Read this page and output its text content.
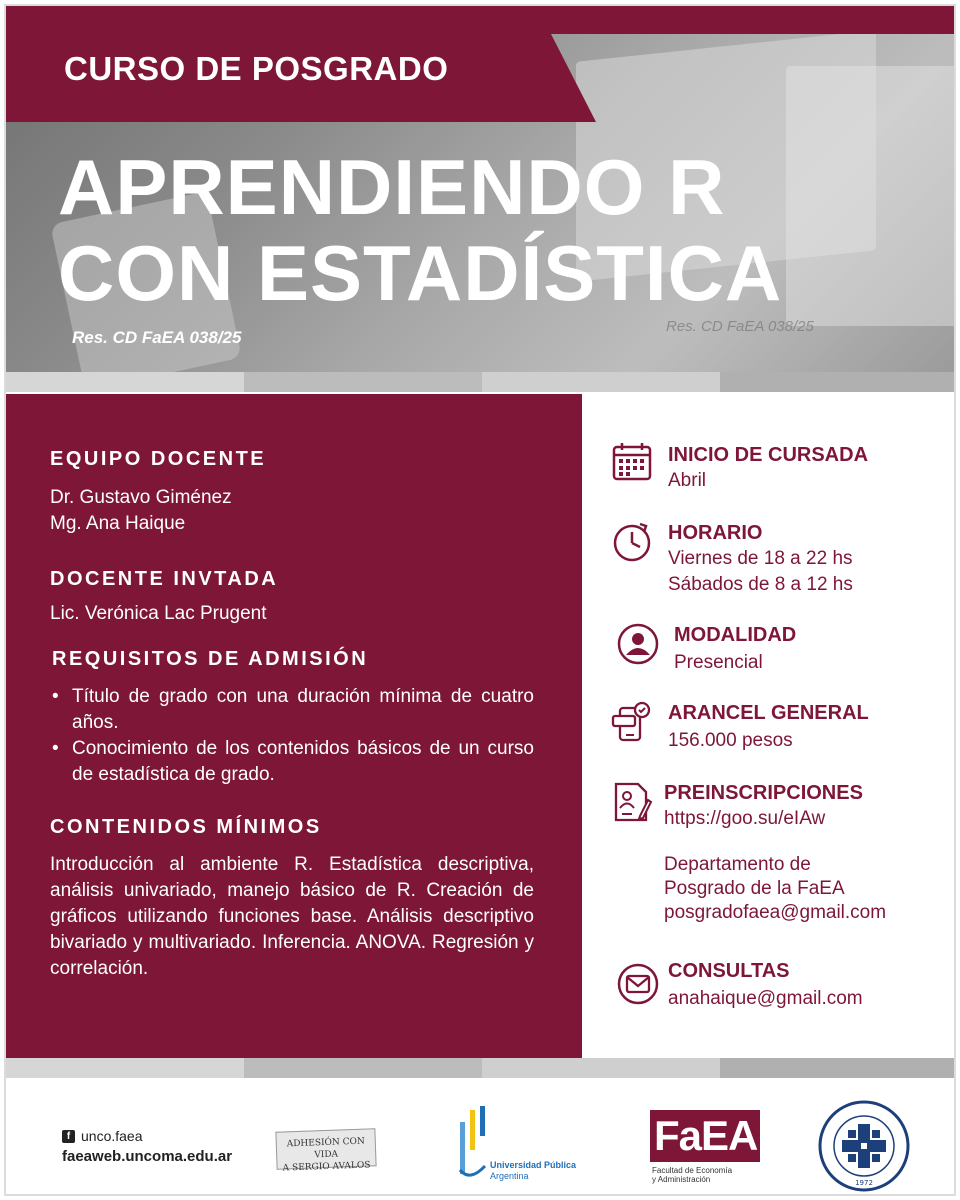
CURSO DE POSGRADO
APRENDIENDO R
CON ESTADÍSTICA
Res. CD FaEA 038/25
Res. CD FaEA 038/25
EQUIPO DOCENTE
Dr. Gustavo Giménez
Mg. Ana Haique
DOCENTE INVTADA
Lic. Verónica Lac Prugent
REQUISITOS DE ADMISIÓN
• Título de grado con una duración mínima de cuatro años.
• Conocimiento de los contenidos básicos de un curso de estadística de grado.
CONTENIDOS MÍNIMOS
Introducción al ambiente R. Estadística descriptiva, análisis univariado, manejo básico de R. Creación de gráficos utilizando funciones base. Análisis descriptivo bivariado y multivariado. Inferencia. ANOVA. Regresión y correlación.
INICIO DE CURSADA
Abril
HORARIO
Viernes de 18 a 22 hs
Sábados de 8 a 12 hs
MODALIDAD
Presencial
ARANCEL GENERAL
156.000 pesos
PREINSCRIPCIONES
https://goo.su/eIAw
Departamento de
Posgrado de la FaEA
posgradofaea@gmail.com
CONSULTAS
anahaique@gmail.com
f unco.faea
faeaweb.uncoma.edu.ar
ADHESIÓN CON VIDA
A SERGIO AVALOS	Universidad Pública
Argentina
FaEA
Facultad de Economía
y Administración	1972
